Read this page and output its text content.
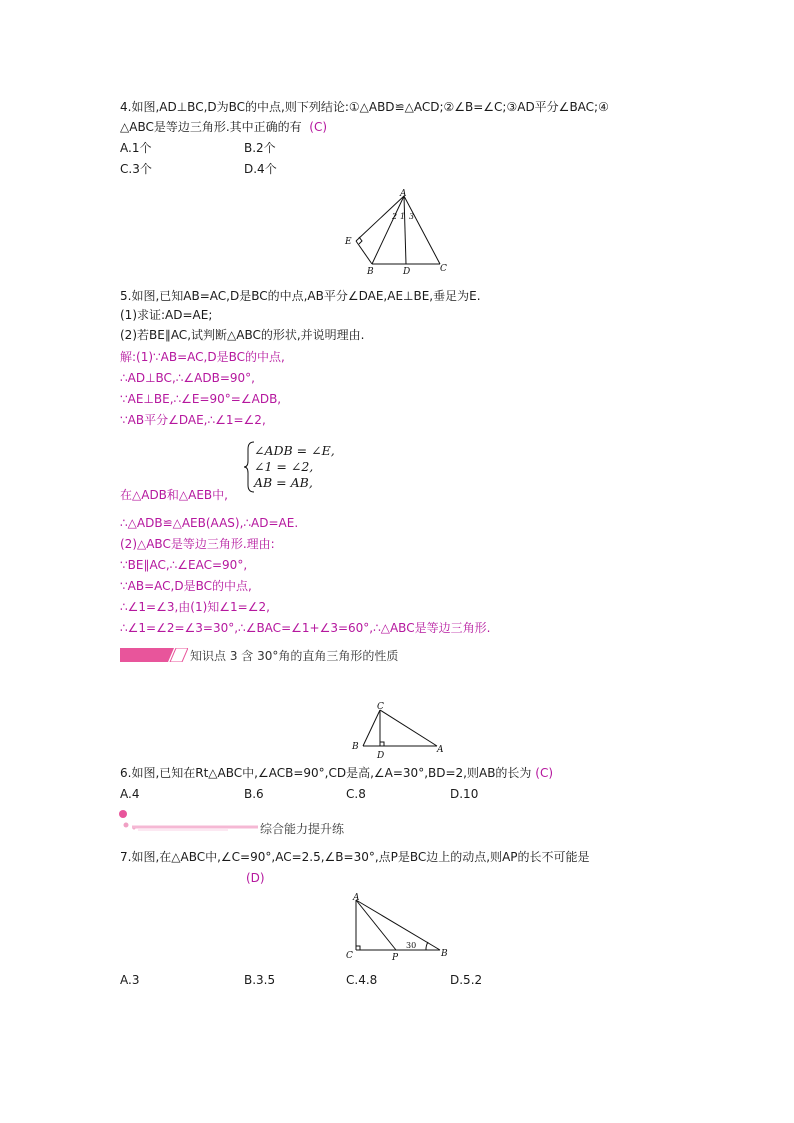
4.如图,AD⊥BC,D为BC的中点,则下列结论:①△ABD≌△ACD;②∠B=∠C;③AD平分∠BAC;④
△ABC是等边三角形.其中正确的有 (C)
A.1个	B.2个
C.3个	D.4个
A
E
B	D	C
2 1 3
5.如图,已知AB=AC,D是BC的中点,AB平分∠DAE,AE⊥BE,垂足为E.
(1)求证:AD=AE;
(2)若BE∥AC,试判断△ABC的形状,并说明理由.
解:(1)∵AB=AC,D是BC的中点,
∴AD⊥BC,∴∠ADB=90°,
∵AE⊥BE,∴∠E=90°=∠ADB,
∵AB平分∠DAE,∴∠1=∠2,
∠ADB = ∠E,
∠1 = ∠2,
AB = AB,
在△ADB和△AEB中,
∴△ADB≌△AEB(AAS),∴AD=AE.
(2)△ABC是等边三角形.理由:
∵BE∥AC,∴∠EAC=90°,
∵AB=AC,D是BC的中点,
∴∠1=∠3,由(1)知∠1=∠2,
∴∠1=∠2=∠3=30°,∴∠BAC=∠1+∠3=60°,∴△ABC是等边三角形.
知识点 3 含 30°角的直角三角形的性质
C
B
D
A
6.如图,已知在Rt△ABC中,∠ACB=90°,CD是高,∠A=30°,BD=2,则AB的长为 (C)
A.4	B.6	C.8	D.10
综合能力提升练
7.如图,在△ABC中,∠C=90°,AC=2.5,∠B=30°,点P是BC边上的动点,则AP的长不可能是
(D)
A
C	P
30
B
A.3	B.3.5	C.4.8	D.5.2
